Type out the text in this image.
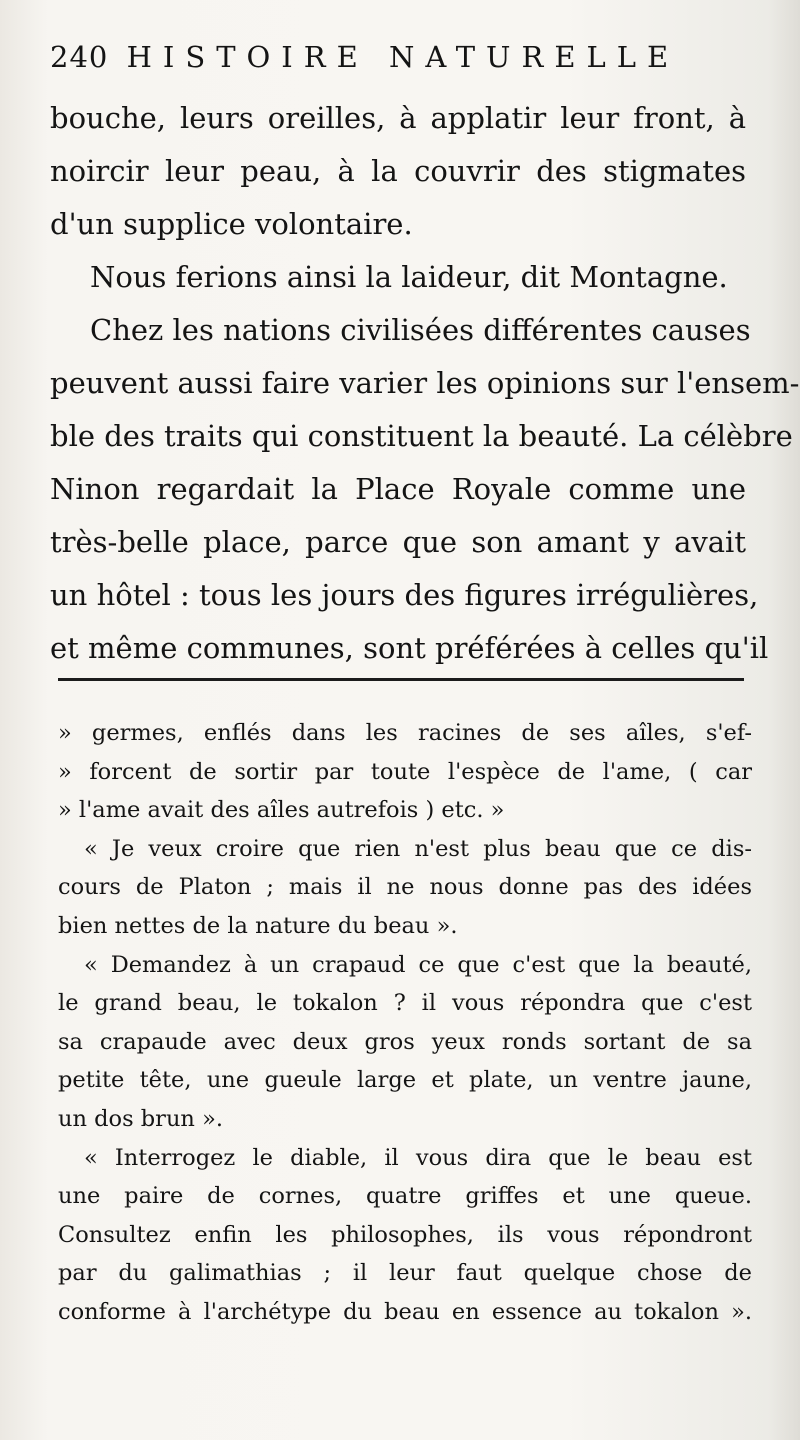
240 HISTOIRE NATURELLE
bouche, leurs oreilles, à applatir leur front, à
noircir leur peau, à la couvrir des stigmates
d'un supplice volontaire.
Nous ferions ainsi la laideur, dit Montagne.
Chez les nations civilisées différentes causes
peuvent aussi faire varier les opinions sur l'ensem-
ble des traits qui constituent la beauté. La célèbre
Ninon regardait la Place Royale comme une
très-belle place, parce que son amant y avait
un hôtel : tous les jours des figures irrégulières,
et même communes, sont préférées à celles qu'il
» germes, enflés dans les racines de ses aîles, s'ef-
» forcent de sortir par toute l'espèce de l'ame, ( car
» l'ame avait des aîles autrefois ) etc. »
« Je veux croire que rien n'est plus beau que ce dis-
cours de Platon ; mais il ne nous donne pas des idées
bien nettes de la nature du beau ».
« Demandez à un crapaud ce que c'est que la beauté,
le grand beau, le tokalon ? il vous répondra que c'est
sa crapaude avec deux gros yeux ronds sortant de sa
petite tête, une gueule large et plate, un ventre jaune,
un dos brun ».
« Interrogez le diable, il vous dira que le beau est
une paire de cornes, quatre griffes et une queue.
Consultez enfin les philosophes, ils vous répondront
par du galimathias ; il leur faut quelque chose de
conforme à l'archétype du beau en essence au tokalon ».
